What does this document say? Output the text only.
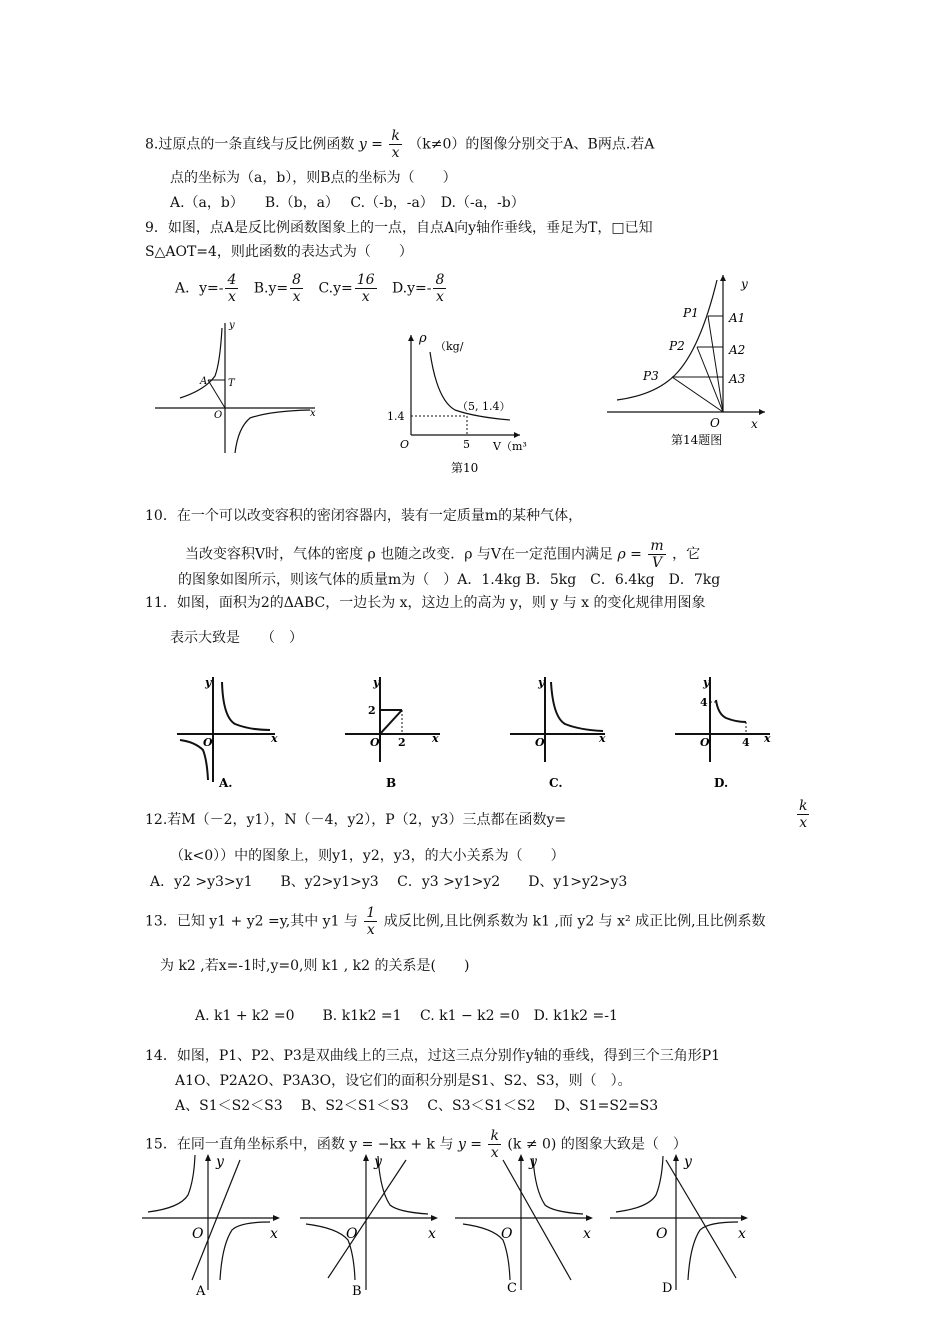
8.过原点的一条直线与反比例函数 $y = \frac{k}{x} (k\ne 0)$的图像分别交于A、B两点.若A
点的坐标为（a，b），则B点的坐标为（　　）
A.（a，b）　　B.（b，a）　 C.（-b，-a）　D.（-a，-b）
9．如图，点A是反比例函数图象上的一点，自点A向y轴作垂线，垂足为T，□已知
S△AOT=4，则此函数的表达式为（　　）
A．$y=- \frac{4}{x} B.y= \frac{8}{x} C.y= \frac{16}{x} D.y=- \frac{8}{x}$
y
x
O
A T
ρ
（kg/
1.4
O	5 V（m³
（5, 1.4）
第10
y
x
O
P1
P2
P3
A1
A2
A3
第14题图
10．在一个可以改变容积的密闭容器内，装有一定质量m的某种气体，
当改变容积V时，气体的密度 ρ 也随之改变．ρ 与V在一定范围内满足 $\rho = \frac{m}{V}$ ，它
的图象如图所示，则该气体的质量m为（　）A．1.4kg B．5kg　C．6.4kg　D．7kg
11．如图，面积为2的ΔABC，一边长为 x，这边上的高为 y，则 y 与 x 的变化规律用图象
表示大致是　　（　）
y
x
O
A.
y
2
2 x
O
B
y
x
O
C.
y
4
4 x
O
D.
12.若M（－2，y1），N（－4，y2），P（2，y3）三点都在函数y=	$\frac{k}{x}$
（k<0））中的图象上，则y1，y2，y3，的大小关系为（　　）
A．y2 >y3>y1　　B、y2>y1>y3　 C．y3 >y1>y2　　D、y1>y2>y3
13．已知 y1 + y2 =y,其中 y1 与 $\frac{1}{x}$ 成反比例,且比例系数为 k1 ,而 y2 与 x² 成正比例,且比例系数
为 k2 ,若x=-1时,y=0,则 k1 , k2 的关系是(　　)
A. k1 + k2 =0　　B. k1k2 =1　 C. k1 − k2 =0　D. k1k2 =-1
14．如图，P1、P2、P3是双曲线上的三点，过这三点分别作y轴的垂线，得到三个三角形P1
A1O、P2A2O、P3A3O，设它们的面积分别是S1、S2、S3，则（　）。
A、S1＜S2＜S3　 B、S2＜S1＜S3　 C、S3＜S1＜S2　 D、S1=S2=S3
15．在同一直角坐标系中，函数 y = −kx + k 与 $y = \frac{k}{x} (k \ne 0)$ 的图象大致是（　）
y
x
O
A
y
x
O
B
y
x
O
C
y
x
O
D
